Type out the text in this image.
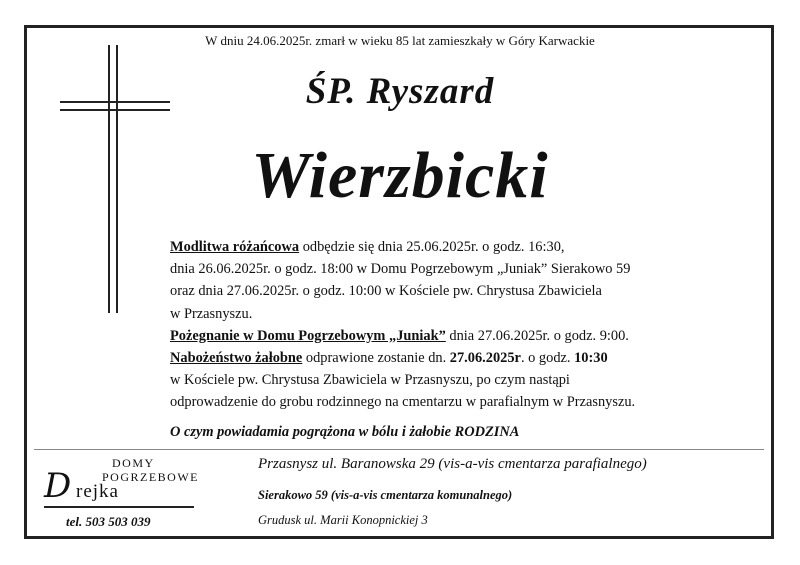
W dniu 24.06.2025r. zmarł w wieku 85 lat zamieszkały w Góry Karwackie
ŚP. Ryszard
Wierzbicki

Modlitwa różańcowa odbędzie się dnia 25.06.2025r. o godz. 16:30,

dnia 26.06.2025r. o godz. 18:00 w Domu Pogrzebowym „Juniak” Sierakowo 59

oraz dnia 27.06.2025r. o godz. 10:00 w Kościele pw. Chrystusa Zbawiciela

w Przasnyszu.

Pożegnanie w Domu Pogrzebowym „Juniak” dnia 27.06.2025r. o godz. 9:00.

Nabożeństwo żałobne odprawione zostanie dn. 27.06.2025r. o godz. 10:30

w Kościele pw. Chrystusa Zbawiciela w Przasnyszu, po czym nastąpi

odprowadzenie do grobu rodzinnego na cmentarzu w parafialnym w Przasnyszu.

O czym powiadamia pogrążona w bólu i żałobie RODZINA
DOMY
POGRZEBOWE
D rejka
tel. 503 503 039
Przasnysz ul. Baranowska 29 (vis-a-vis cmentarza parafialnego)
Sierakowo 59 (vis-a-vis cmentarza komunalnego)
Grudusk ul. Marii Konopnickiej 3
